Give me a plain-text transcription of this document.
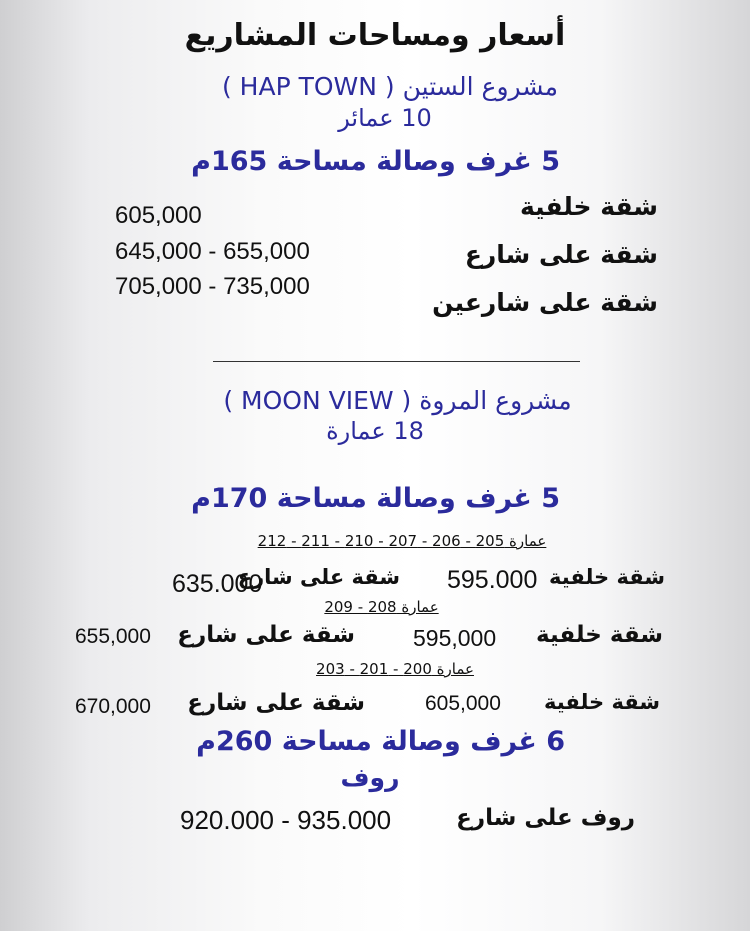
أسعار ومساحات المشاريع
مشروع الستين ( HAP TOWN )
10 عمائر
5 غرف وصالة مساحة 165م
شقة خلفية
605,000
شقة على شارع
645,000 - 655,000
شقة على شارعين
705,000 - 735,000
مشروع المروة ( MOON VIEW )
18 عمارة
5 غرف وصالة مساحة 170م
عمارة 205 - 206 - 207 - 210 - 211 - 212
شقة خلفية
595.000
شقة على شارع
635.000
عمارة 208 - 209
شقة خلفية
595,000
شقة على شارع
655,000
عمارة 200 - 201 - 203
شقة خلفية
605,000
شقة على شارع
670,000
6 غرف وصالة مساحة 260م
روف
روف على شارع
920.000 - 935.000
